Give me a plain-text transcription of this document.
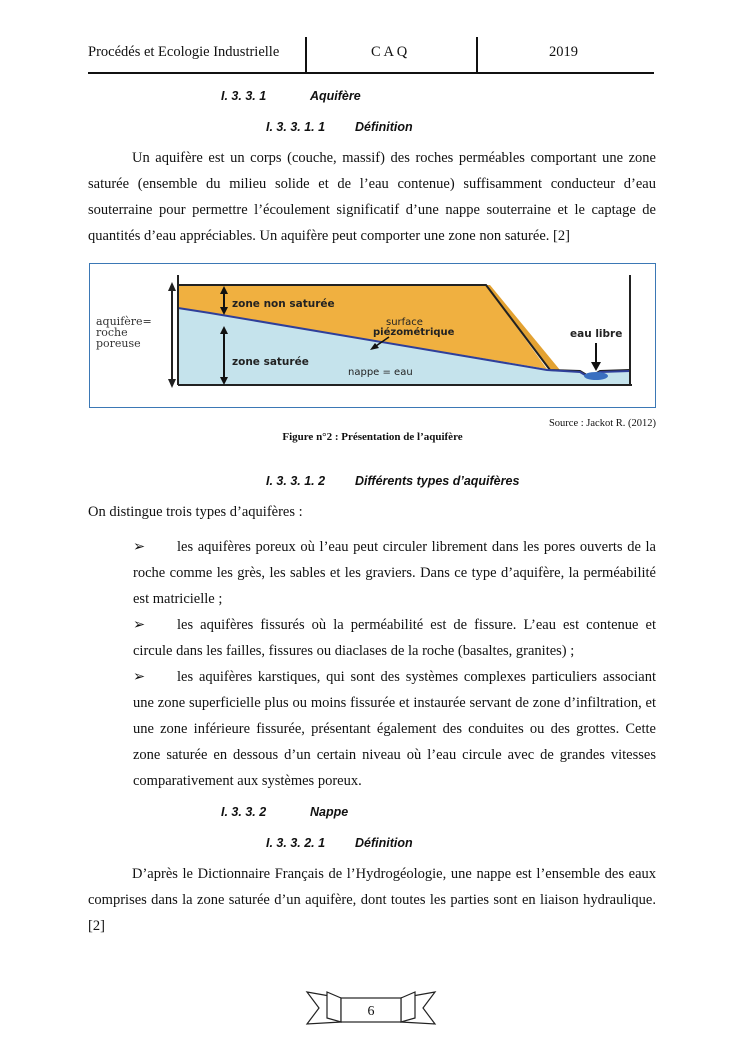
Procédés et Ecologie Industrielle	C A Q	2019
I. 3. 3. 1	Aquifère
I. 3. 3. 1. 1 Définition

Un aquifère est un corps (couche, massif) des roches perméables comportant une zone saturée (ensemble du milieu solide et de l’eau contenue) suffisamment conducteur d’eau souterraine pour permettre l’écoulement significatif d’une nappe souterraine et le captage de quantités d’eau appréciables. Un aquifère peut comporter une zone non saturée. [2]

aquifère=
roche
poreuse
zone non saturée
surface
piézométrique
zone saturée
nappe = eau
eau libre
Source : Jackot R. (2012)
Figure n°2 : Présentation de l’aquifère
I. 3. 3. 1. 2 Différents types d’aquifères
On distingue trois types d’aquifères :
➢ les aquifères poreux où l’eau peut circuler librement dans les pores ouverts de la roche comme les grès, les sables et les graviers. Dans ce type d’aquifère, la perméabilité est matricielle ;
➢ les aquifères fissurés où la perméabilité est de fissure. L’eau est contenue et circule dans les failles, fissures ou diaclases de la roche (basaltes, granites) ;
➢ les aquifères karstiques, qui sont des systèmes complexes particuliers associant une zone superficielle plus ou moins fissurée et instaurée servant de zone d’infiltration, et une zone inférieure fissurée, présentant également des conduites ou des grottes. Cette zone saturée en dessous d’un certain niveau où l’eau circule avec de grandes vitesses comparativement aux systèmes poreux.
I. 3. 3. 2	Nappe
I. 3. 3. 2. 1 Définition

D’après le Dictionnaire Français de l’Hydrogéologie, une nappe est l’ensemble des eaux comprises dans la zone saturée d’un aquifère, dont toutes les parties sont en liaison hydraulique. [2]

6
